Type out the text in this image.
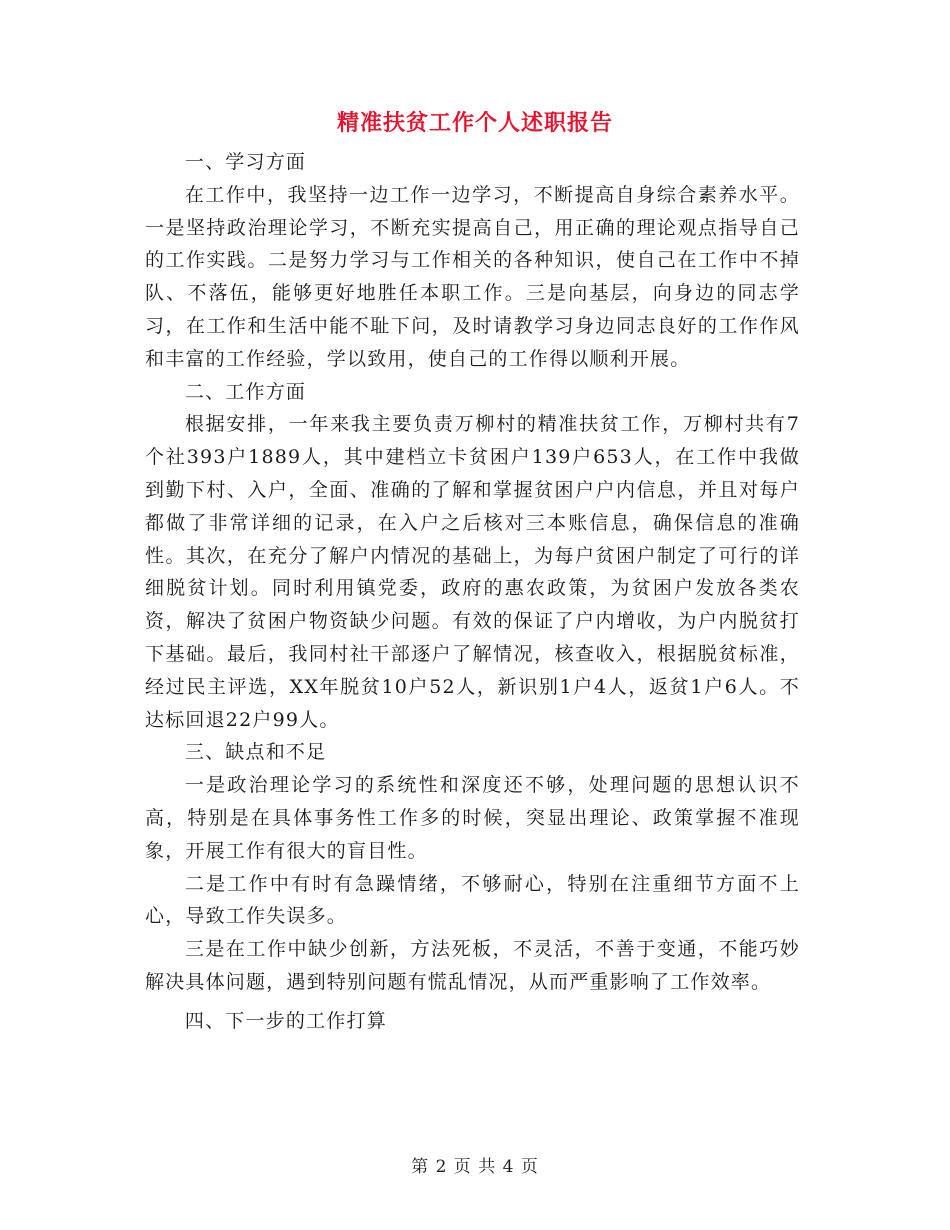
精准扶贫工作个人述职报告

一、学习方面

在工作中，我坚持一边工作一边学习，不断提高自身综合素养水平。一是坚持政治理论学习，不断充实提高自己，用正确的理论观点指导自己的工作实践。二是努力学习与工作相关的各种知识，使自己在工作中不掉队、不落伍，能够更好地胜任本职工作。三是向基层，向身边的同志学习，在工作和生活中能不耻下问，及时请教学习身边同志良好的工作作风和丰富的工作经验，学以致用，使自己的工作得以顺利开展。

二、工作方面

根据安排，一年来我主要负责万柳村的精准扶贫工作，万柳村共有7个社393户1889人，其中建档立卡贫困户139户653人，在工作中我做到勤下村、入户，全面、准确的了解和掌握贫困户户内信息，并且对每户都做了非常详细的记录，在入户之后核对三本账信息，确保信息的准确性。其次，在充分了解户内情况的基础上，为每户贫困户制定了可行的详细脱贫计划。同时利用镇党委，政府的惠农政策，为贫困户发放各类农资，解决了贫困户物资缺少问题。有效的保证了户内增收，为户内脱贫打下基础。最后，我同村社干部逐户了解情况，核查收入，根据脱贫标准，经过民主评选，XX年脱贫10户52人，新识别1户4人，返贫1户6人。不达标回退22户99人。

三、缺点和不足

一是政治理论学习的系统性和深度还不够，处理问题的思想认识不高，特别是在具体事务性工作多的时候，突显出理论、政策掌握不准现象，开展工作有很大的盲目性。

二是工作中有时有急躁情绪，不够耐心，特别在注重细节方面不上心，导致工作失误多。

三是在工作中缺少创新，方法死板，不灵活，不善于变通，不能巧妙解决具体问题，遇到特别问题有慌乱情况，从而严重影响了工作效率。

四、下一步的工作打算

第 2 页 共 4 页
